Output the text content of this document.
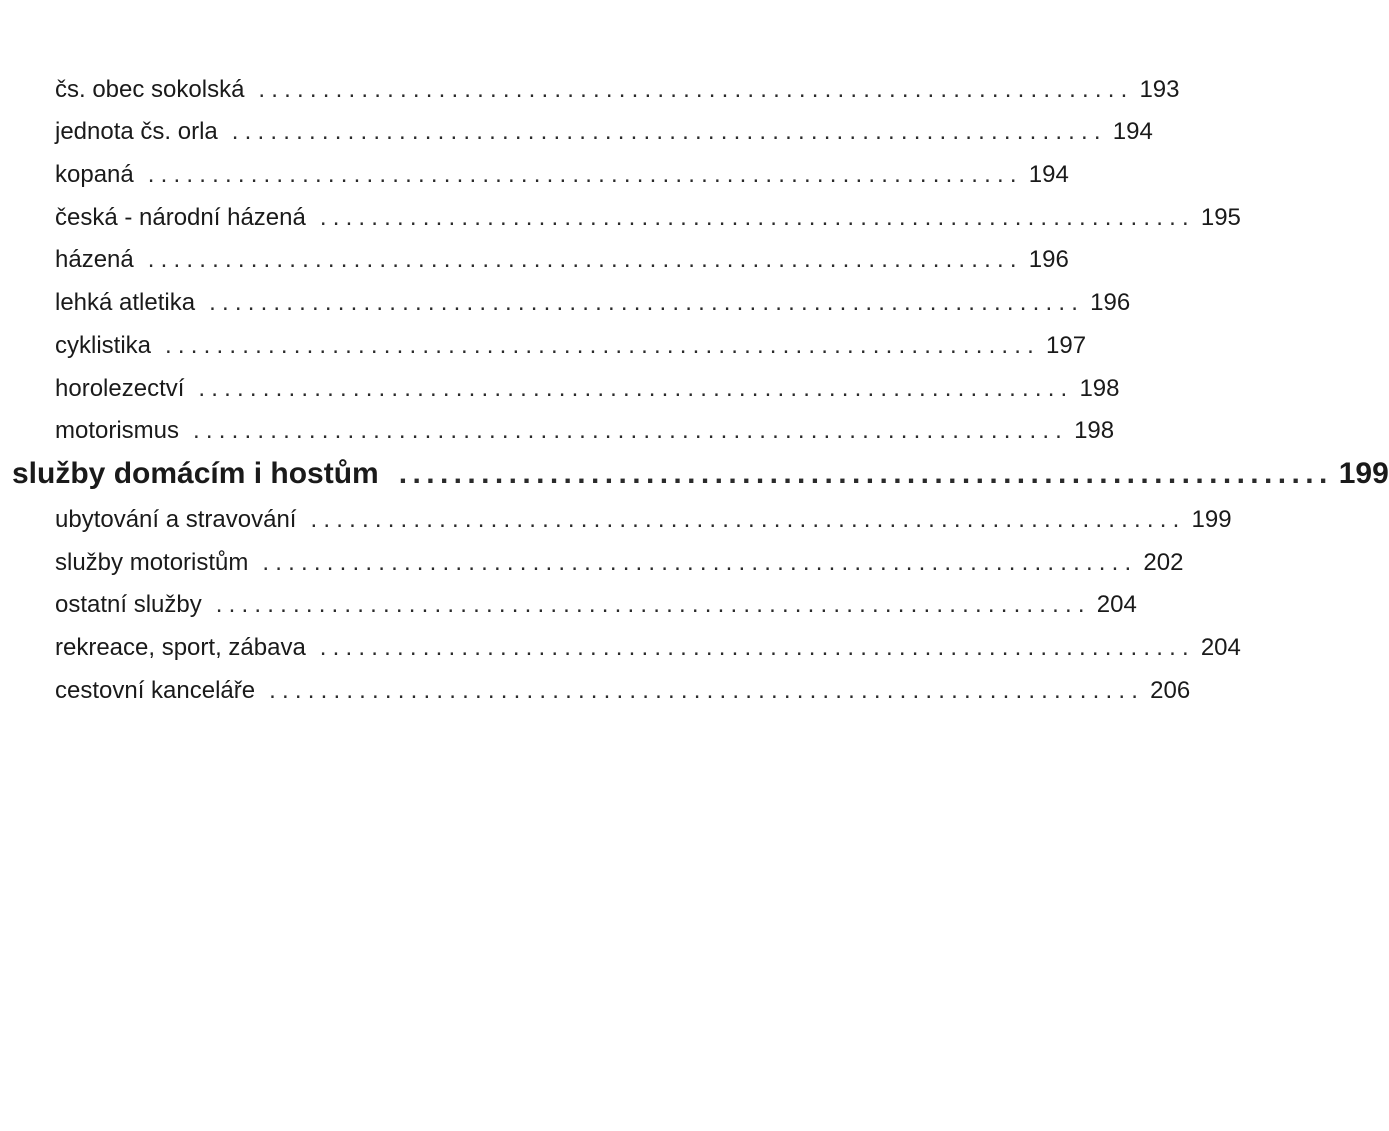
čs. obec sokolská .................................................................... 193
jednota čs. orla .................................................................... 194
kopaná .................................................................... 194
česká - národní házená .................................................................... 195
házená .................................................................... 196
lehká atletika .................................................................... 196
cyklistika .................................................................... 197
horolezectví .................................................................... 198
motorismus .................................................................... 198
služby domácím i hostům .................................................................... 199
ubytování a stravování .................................................................... 199
služby motoristům .................................................................... 202
ostatní služby .................................................................... 204
rekreace, sport, zábava .................................................................... 204
cestovní kanceláře .................................................................... 206
